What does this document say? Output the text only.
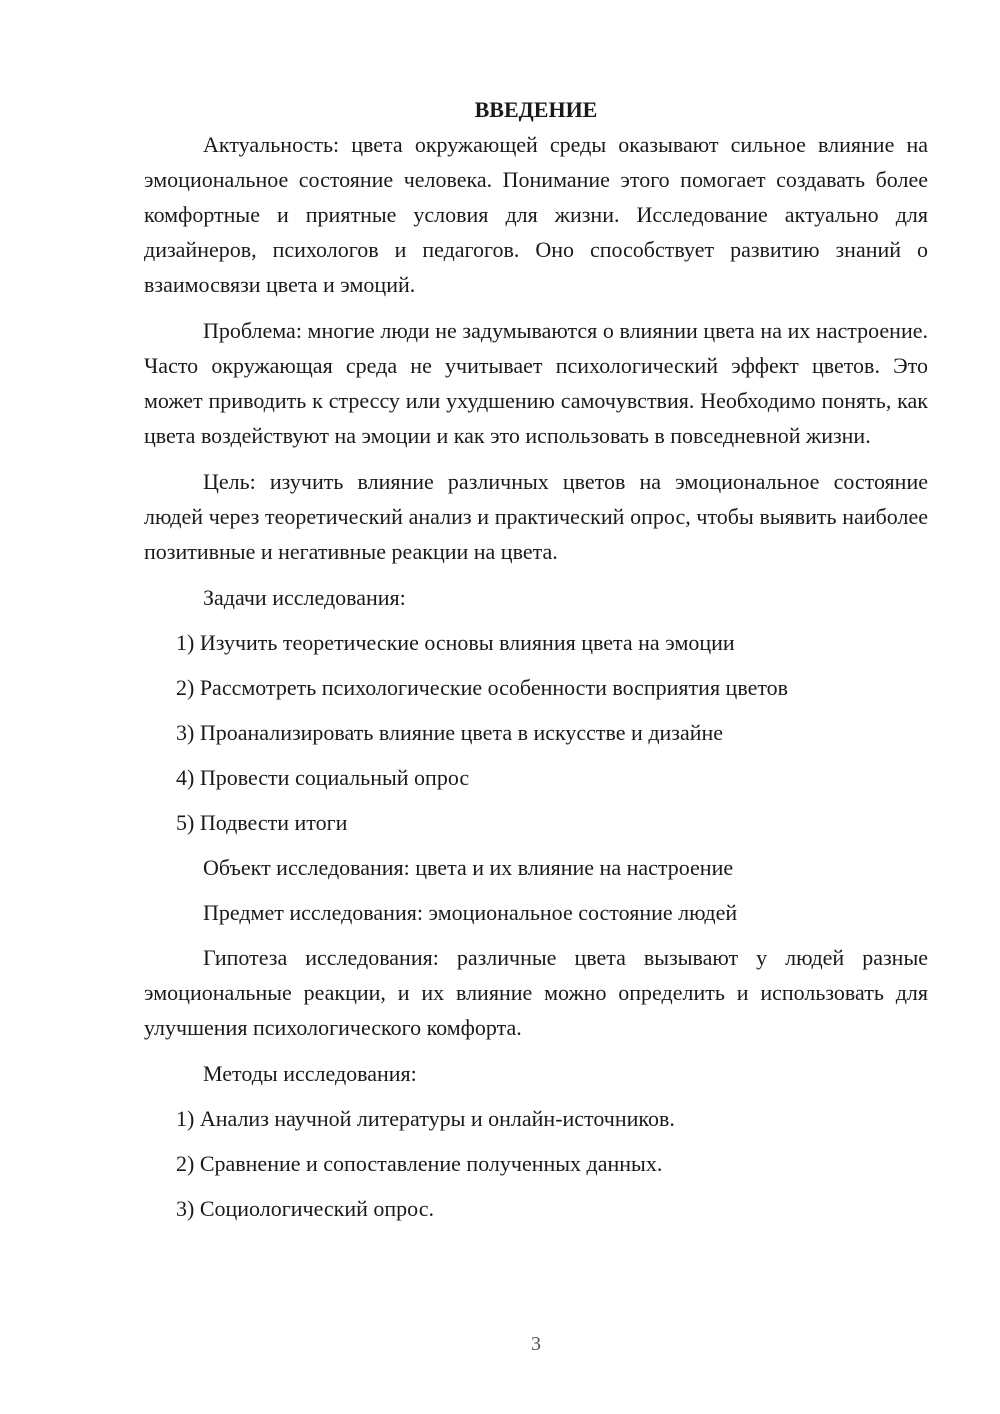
ВВЕДЕНИЕ

Актуальность: цвета окружающей среды оказывают сильное влияние на эмоциональное состояние человека. Понимание этого помогает создавать более комфортные и приятные условия для жизни. Исследование актуально для дизайнеров, психологов и педагогов. Оно способствует развитию знаний о взаимосвязи цвета и эмоций.

Проблема: многие люди не задумываются о влиянии цвета на их настроение. Часто окружающая среда не учитывает психологический эффект цветов. Это может приводить к стрессу или ухудшению самочувствия. Необходимо понять, как цвета воздействуют на эмоции и как это использовать в повседневной жизни.

Цель: изучить влияние различных цветов на эмоциональное состояние людей через теоретический анализ и практический опрос, чтобы выявить наиболее позитивные и негативные реакции на цвета.

Задачи исследования:

1) Изучить теоретические основы влияния цвета на эмоции

2) Рассмотреть психологические особенности восприятия цветов

3) Проанализировать влияние цвета в искусстве и дизайне

4) Провести социальный опрос

5) Подвести итоги

Объект исследования: цвета и их влияние на настроение

Предмет исследования: эмоциональное состояние людей

Гипотеза исследования: различные цвета вызывают у людей разные эмоциональные реакции, и их влияние можно определить и использовать для улучшения психологического комфорта.

Методы исследования:

1) Анализ научной литературы и онлайн-источников.

2) Сравнение и сопоставление полученных данных.

3) Социологический опрос.

3
